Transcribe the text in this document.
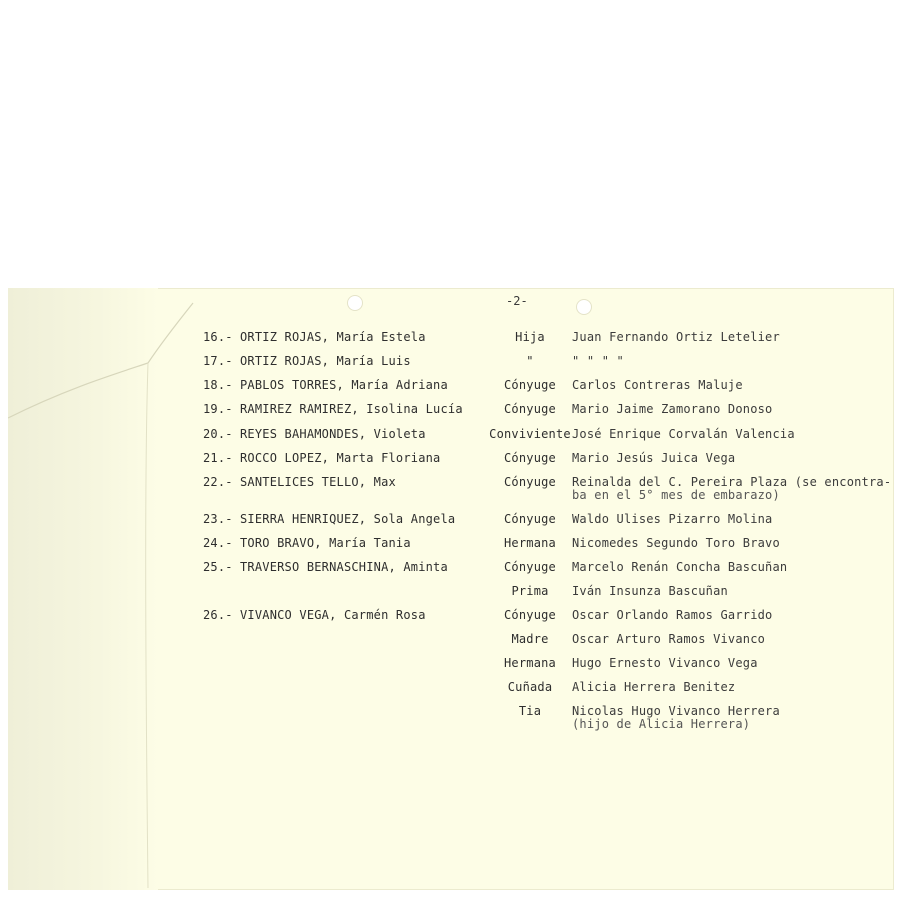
-2-
16.- ORTIZ ROJAS, María Estela	Hija	Juan Fernando Ortiz Letelier
17.- ORTIZ ROJAS, María Luis	"	" " " "
18.- PABLOS TORRES, María Adriana	Cónyuge	Carlos Contreras Maluje
19.- RAMIREZ RAMIREZ, Isolina Lucía	Cónyuge	Mario Jaime Zamorano Donoso
20.- REYES BAHAMONDES, Violeta	Conviviente José Enrique Corvalán Valencia
21.- ROCCO LOPEZ, Marta Floriana	Cónyuge	Mario Jesús Juica Vega
22.- SANTELICES TELLO, Max	Cónyuge	Reinalda del C. Pereira Plaza (se encontra-
ba en el 5° mes de embarazo)
23.- SIERRA HENRIQUEZ, Sola Angela	Cónyuge	Waldo Ulises Pizarro Molina
24.- TORO BRAVO, María Tania	Hermana	Nicomedes Segundo Toro Bravo
25.- TRAVERSO BERNASCHINA, Aminta	Cónyuge	Marcelo Renán Concha Bascuñan
Prima	Iván Insunza Bascuñan
26.- VIVANCO VEGA, Carmén Rosa	Cónyuge	Oscar Orlando Ramos Garrido
Madre	Oscar Arturo Ramos Vivanco
Hermana	Hugo Ernesto Vivanco Vega
Cuñada	Alicia Herrera Benitez
Tia	Nicolas Hugo Vivanco Herrera
(hijo de Alicia Herrera)
